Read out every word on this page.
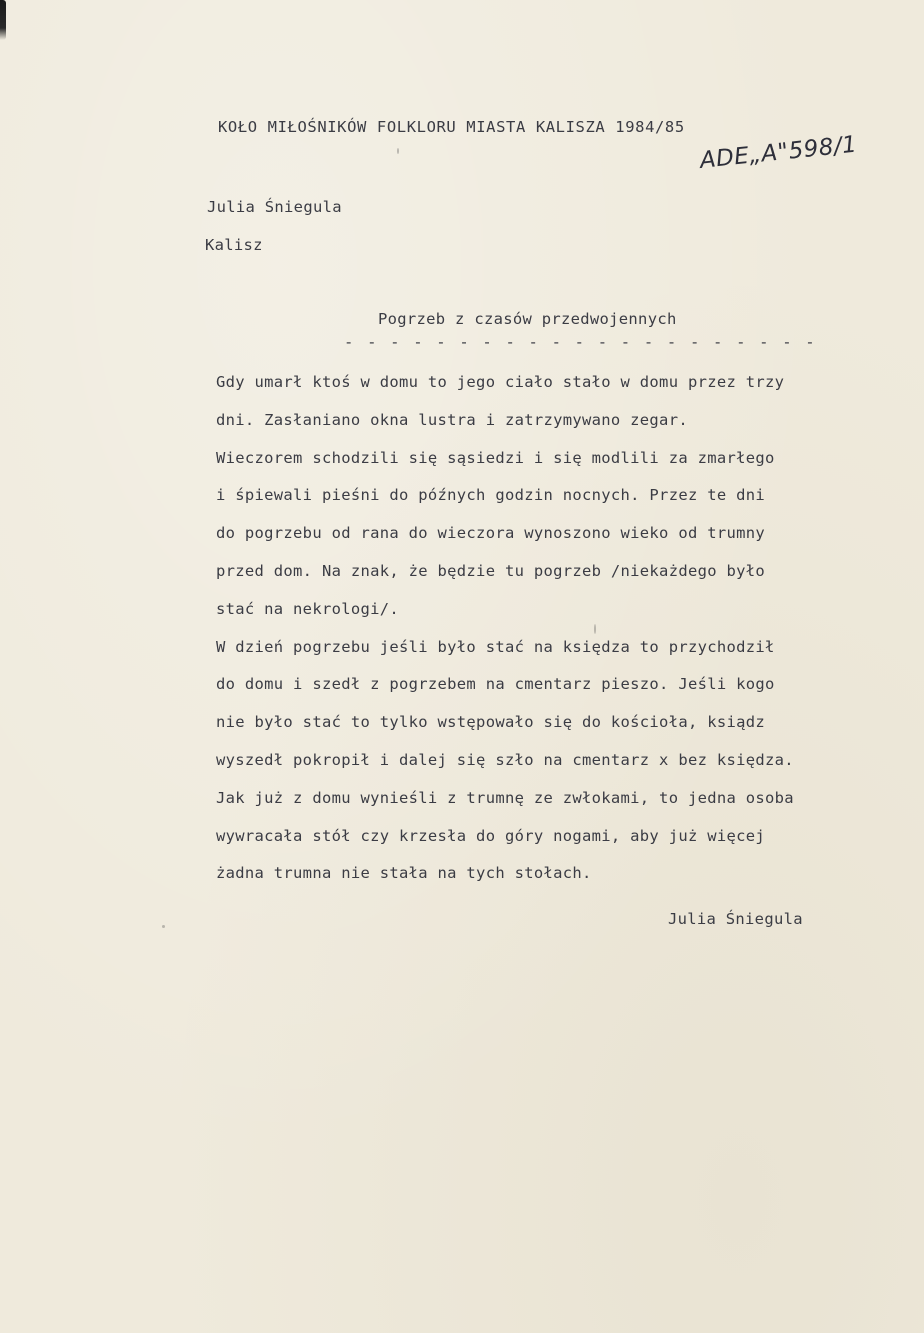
KOŁO MIŁOŚNIKÓW FOLKLORU MIASTA KALISZA 1984/85
ADE„A"598/1
Julia Śniegula
Kalisz
Pogrzeb z czasów przedwojennych
- - - - - - - - - - - - - - - - - - - - -
Gdy umarł ktoś w domu to jego ciało stało w domu przez trzy
dni. Zasłaniano okna lustra i zatrzymywano zegar.
Wieczorem schodzili się sąsiedzi i się modlili za zmarłego
i śpiewali pieśni do późnych godzin nocnych. Przez te dni
do pogrzebu od rana do wieczora wynoszono wieko od trumny
przed dom. Na znak, że będzie tu pogrzeb /niekażdego było
stać na nekrologi/.
W dzień pogrzebu jeśli było stać na księdza to przychodził
do domu i szedł z pogrzebem na cmentarz pieszo. Jeśli kogo
nie było stać to tylko wstępowało się do kościoła, ksiądz
wyszedł pokropił i dalej się szło na cmentarz x bez księdza.
Jak już z domu wynieśli z trumnę ze zwłokami, to jedna osoba
wywracała stół czy krzesła do góry nogami, aby już więcej
żadna trumna nie stała na tych stołach.
Julia Śniegula
